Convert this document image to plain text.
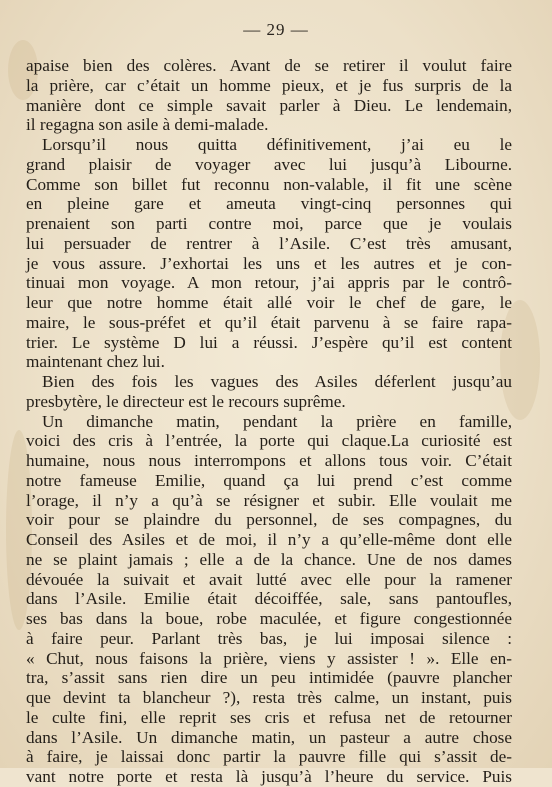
— 29 —
apaise bien des colères. Avant de se retirer il voulut faire
la prière, car c’était un homme pieux, et je fus surpris de la
manière dont ce simple savait parler à Dieu. Le lendemain,
il regagna son asile à demi-malade.
Lorsqu’il nous quitta définitivement, j’ai eu le
grand plaisir de voyager avec lui jusqu’à Libourne.
Comme son billet fut reconnu non-valable, il fit une scène
en pleine gare et ameuta vingt-cinq personnes qui
prenaient son parti contre moi, parce que je voulais
lui persuader de rentrer à l’Asile. C’est très amusant,
je vous assure. J’exhortai les uns et les autres et je con-
tinuai mon voyage. A mon retour, j’ai appris par le contrô-
leur que notre homme était allé voir le chef de gare, le
maire, le sous-préfet et qu’il était parvenu à se faire rapa-
trier. Le système D lui a réussi. J’espère qu’il est content
maintenant chez lui.
Bien des fois les vagues des Asiles déferlent jusqu’au
presbytère, le directeur est le recours suprême.
Un dimanche matin, pendant la prière en famille,
voici des cris à l’entrée, la porte qui claque.La curiosité est
humaine, nous nous interrompons et allons tous voir. C’était
notre fameuse Emilie, quand ça lui prend c’est comme
l’orage, il n’y a qu’à se résigner et subir. Elle voulait me
voir pour se plaindre du personnel, de ses compagnes, du
Conseil des Asiles et de moi, il n’y a qu’elle-même dont elle
ne se plaint jamais ; elle a de la chance. Une de nos dames
dévouée la suivait et avait lutté avec elle pour la ramener
dans l’Asile. Emilie était décoiffée, sale, sans pantoufles,
ses bas dans la boue, robe maculée, et figure congestionnée
à faire peur. Parlant très bas, je lui imposai silence :
« Chut, nous faisons la prière, viens y assister ! ». Elle en-
tra, s’assit sans rien dire un peu intimidée (pauvre plancher
que devint ta blancheur ?), resta très calme, un instant, puis
le culte fini, elle reprit ses cris et refusa net de retourner
dans l’Asile. Un dimanche matin, un pasteur a autre chose
à faire, je laissai donc partir la pauvre fille qui s’assit de-
vant notre porte et resta là jusqu’à l’heure du service. Puis
